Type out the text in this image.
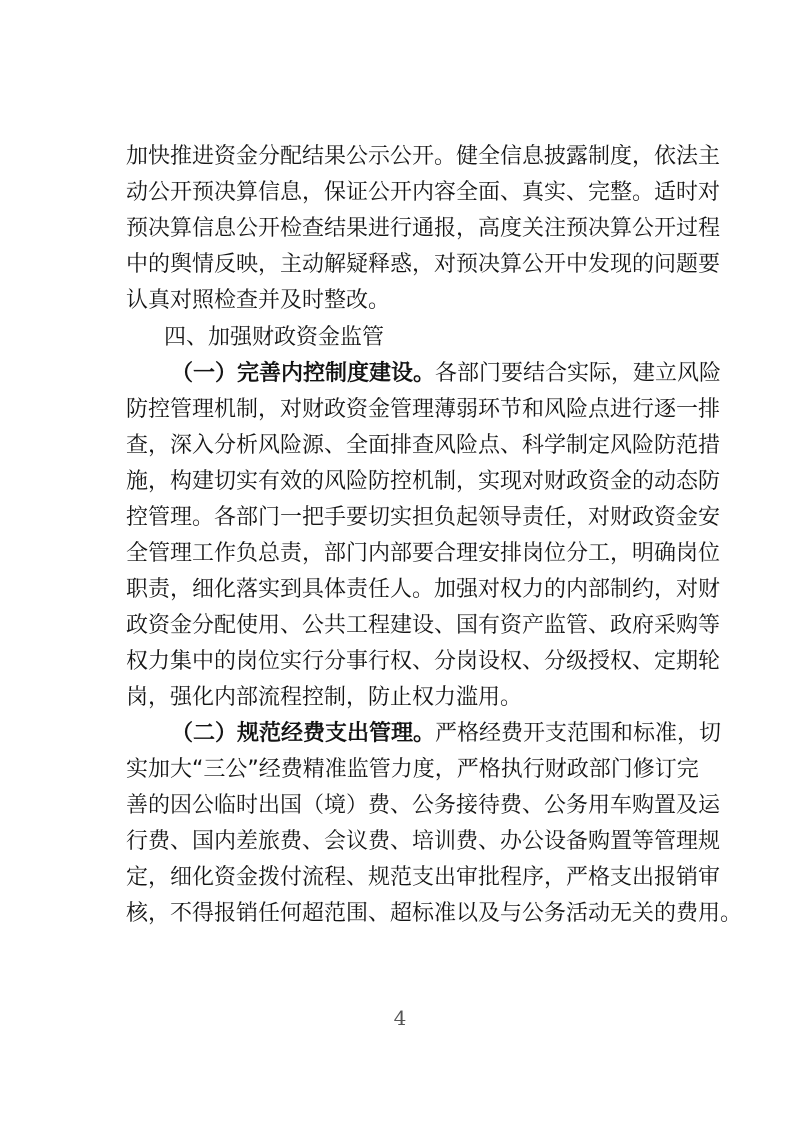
加快推进资金分配结果公示公开。健全信息披露制度，依法主
动公开预决算信息，保证公开内容全面、真实、完整。适时对
预决算信息公开检查结果进行通报，高度关注预决算公开过程
中的舆情反映，主动解疑释惑，对预决算公开中发现的问题要
认真对照检查并及时整改。
四、加强财政资金监管
（一）完善内控制度建设。各部门要结合实际，建立风险
防控管理机制，对财政资金管理薄弱环节和风险点进行逐一排
查，深入分析风险源、全面排查风险点、科学制定风险防范措
施，构建切实有效的风险防控机制，实现对财政资金的动态防
控管理。各部门一把手要切实担负起领导责任，对财政资金安
全管理工作负总责，部门内部要合理安排岗位分工，明确岗位
职责，细化落实到具体责任人。加强对权力的内部制约，对财
政资金分配使用、公共工程建设、国有资产监管、政府采购等
权力集中的岗位实行分事行权、分岗设权、分级授权、定期轮
岗，强化内部流程控制，防止权力滥用。
（二）规范经费支出管理。严格经费开支范围和标准，切
实加大“三公”经费精准监管力度，严格执行财政部门修订完
善的因公临时出国（境）费、公务接待费、公务用车购置及运
行费、国内差旅费、会议费、培训费、办公设备购置等管理规
定，细化资金拨付流程、规范支出审批程序，严格支出报销审
核，不得报销任何超范围、超标准以及与公务活动无关的费用。
4
